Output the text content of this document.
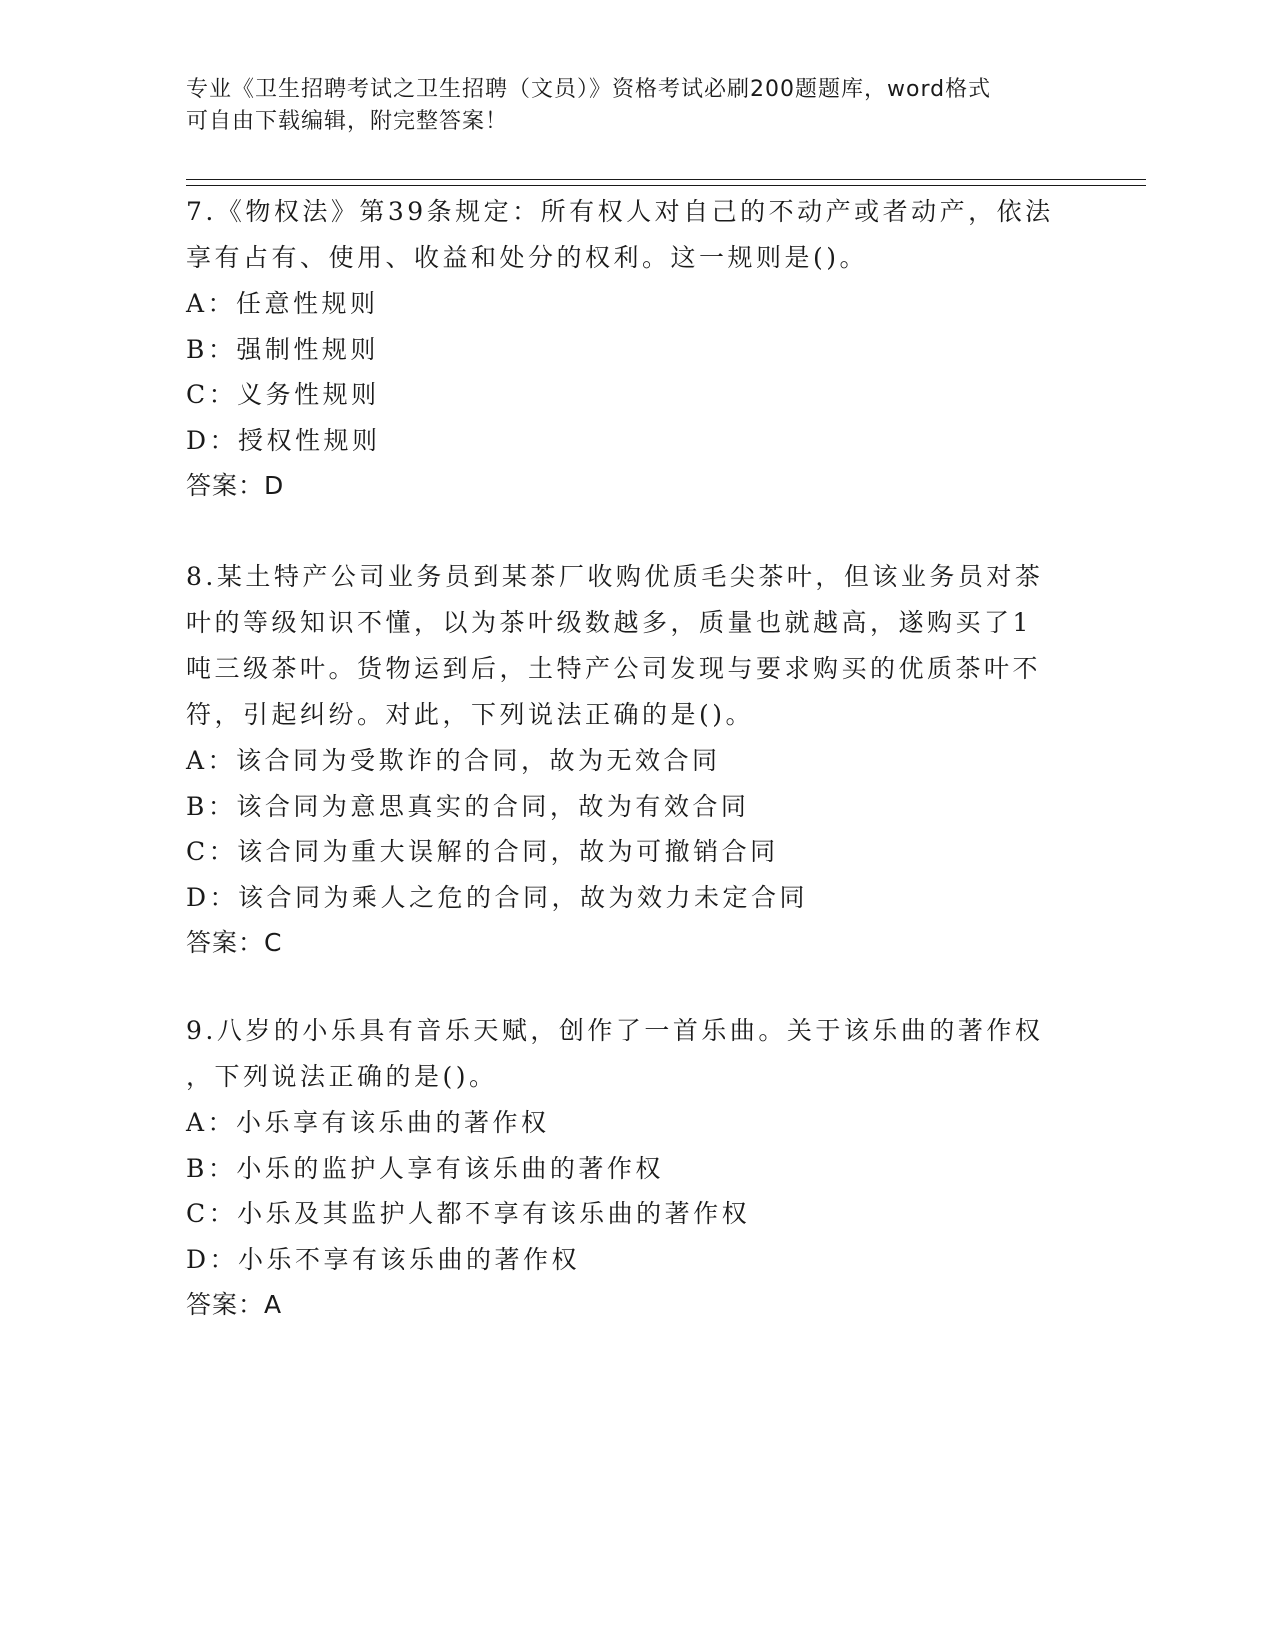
专业《卫生招聘考试之卫生招聘（文员）》资格考试必刷200题题库，word格式
可自由下载编辑，附完整答案！
7.《物权法》第39条规定：所有权人对自己的不动产或者动产，依法
享有占有、使用、收益和处分的权利。这一规则是()。
A：任意性规则
B：强制性规则
C：义务性规则
D：授权性规则
答案：D
8.某土特产公司业务员到某茶厂收购优质毛尖茶叶，但该业务员对茶
叶的等级知识不懂，以为茶叶级数越多，质量也就越高，遂购买了1
吨三级茶叶。货物运到后，土特产公司发现与要求购买的优质茶叶不
符，引起纠纷。对此，下列说法正确的是()。
A：该合同为受欺诈的合同，故为无效合同
B：该合同为意思真实的合同，故为有效合同
C：该合同为重大误解的合同，故为可撤销合同
D：该合同为乘人之危的合同，故为效力未定合同
答案：C
9.八岁的小乐具有音乐天赋，创作了一首乐曲。关于该乐曲的著作权
，下列说法正确的是()。
A：小乐享有该乐曲的著作权
B：小乐的监护人享有该乐曲的著作权
C：小乐及其监护人都不享有该乐曲的著作权
D：小乐不享有该乐曲的著作权
答案：A
